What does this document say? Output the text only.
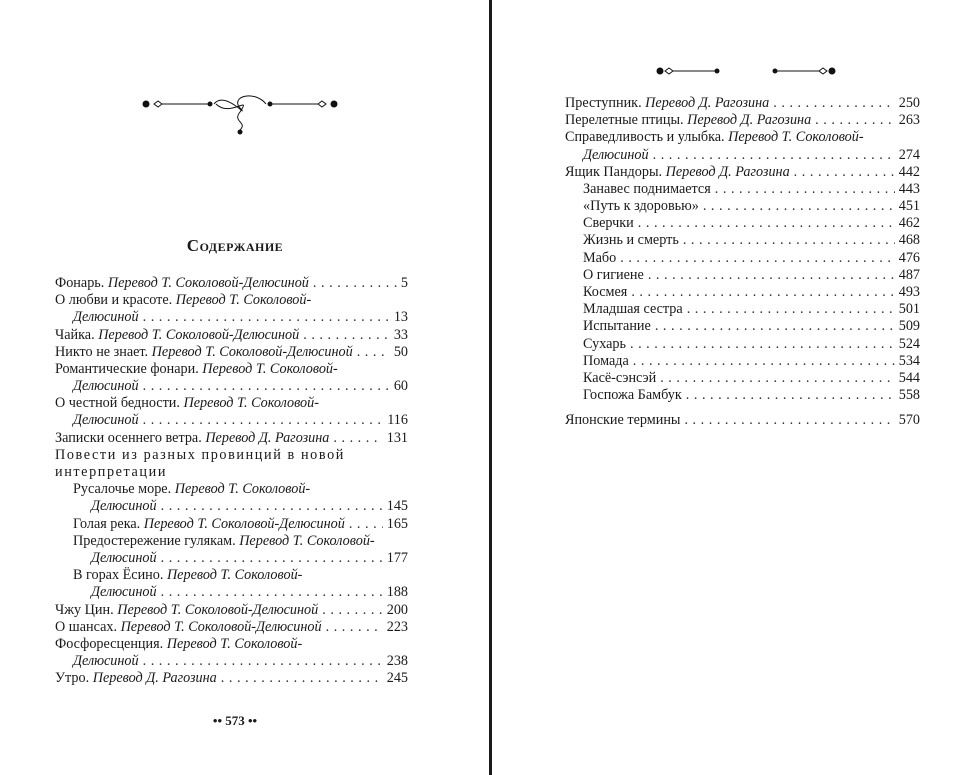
Содержание
Фонарь. Перевод Т. Соколовой-Делюсиной . . .	5
О любви и красоте. Перевод Т. Соколовой-
Делюсиной . . .	13
Чайка. Перевод Т. Соколовой-Делюсиной . . .	33
Никто не знает. Перевод Т. Соколовой-Делюсиной . . .	50
Романтические фонари. Перевод Т. Соколовой-
Делюсиной . . .	60
О честной бедности. Перевод Т. Соколовой-
Делюсиной . . .	116
Записки осеннего ветра. Перевод Д. Рагозина . . .	131
Повести из разных провинций в новой
интерпретации
Русалочье море. Перевод Т. Соколовой-
Делюсиной . . .	145
Голая река. Перевод Т. Соколовой-Делюсиной . . .	165
Предостережение гулякам. Перевод Т. Соколовой-
Делюсиной . . .	177
В горах Ёсино. Перевод Т. Соколовой-
Делюсиной . . .	188
Чжу Цин. Перевод Т. Соколовой-Делюсиной . . .	200
О шансах. Перевод Т. Соколовой-Делюсиной . . .	223
Фосфоресценция. Перевод Т. Соколовой-
Делюсиной . . .	238
Утро. Перевод Д. Рагозина . . .	245
Преступник. Перевод Д. Рагозина . . .	250
Перелетные птицы. Перевод Д. Рагозина . . .	263
Справедливость и улыбка. Перевод Т. Соколовой-
Делюсиной . . .	274
Ящик Пандоры. Перевод Д. Рагозина . . .	442
Занавес поднимается . . .	443
«Путь к здоровью» . . .	451
Сверчки . . .	462
Жизнь и смерть . . .	468
Мабо . . .	476
О гигиене . . .	487
Космея . . .	493
Младшая сестра . . .	501
Испытание . . .	509
Сухарь . . .	524
Помада . . .	534
Касё-сэнсэй . . .	544
Госпожа Бамбук . . .	558
Японские термины . . .	570
•• 573 ••
